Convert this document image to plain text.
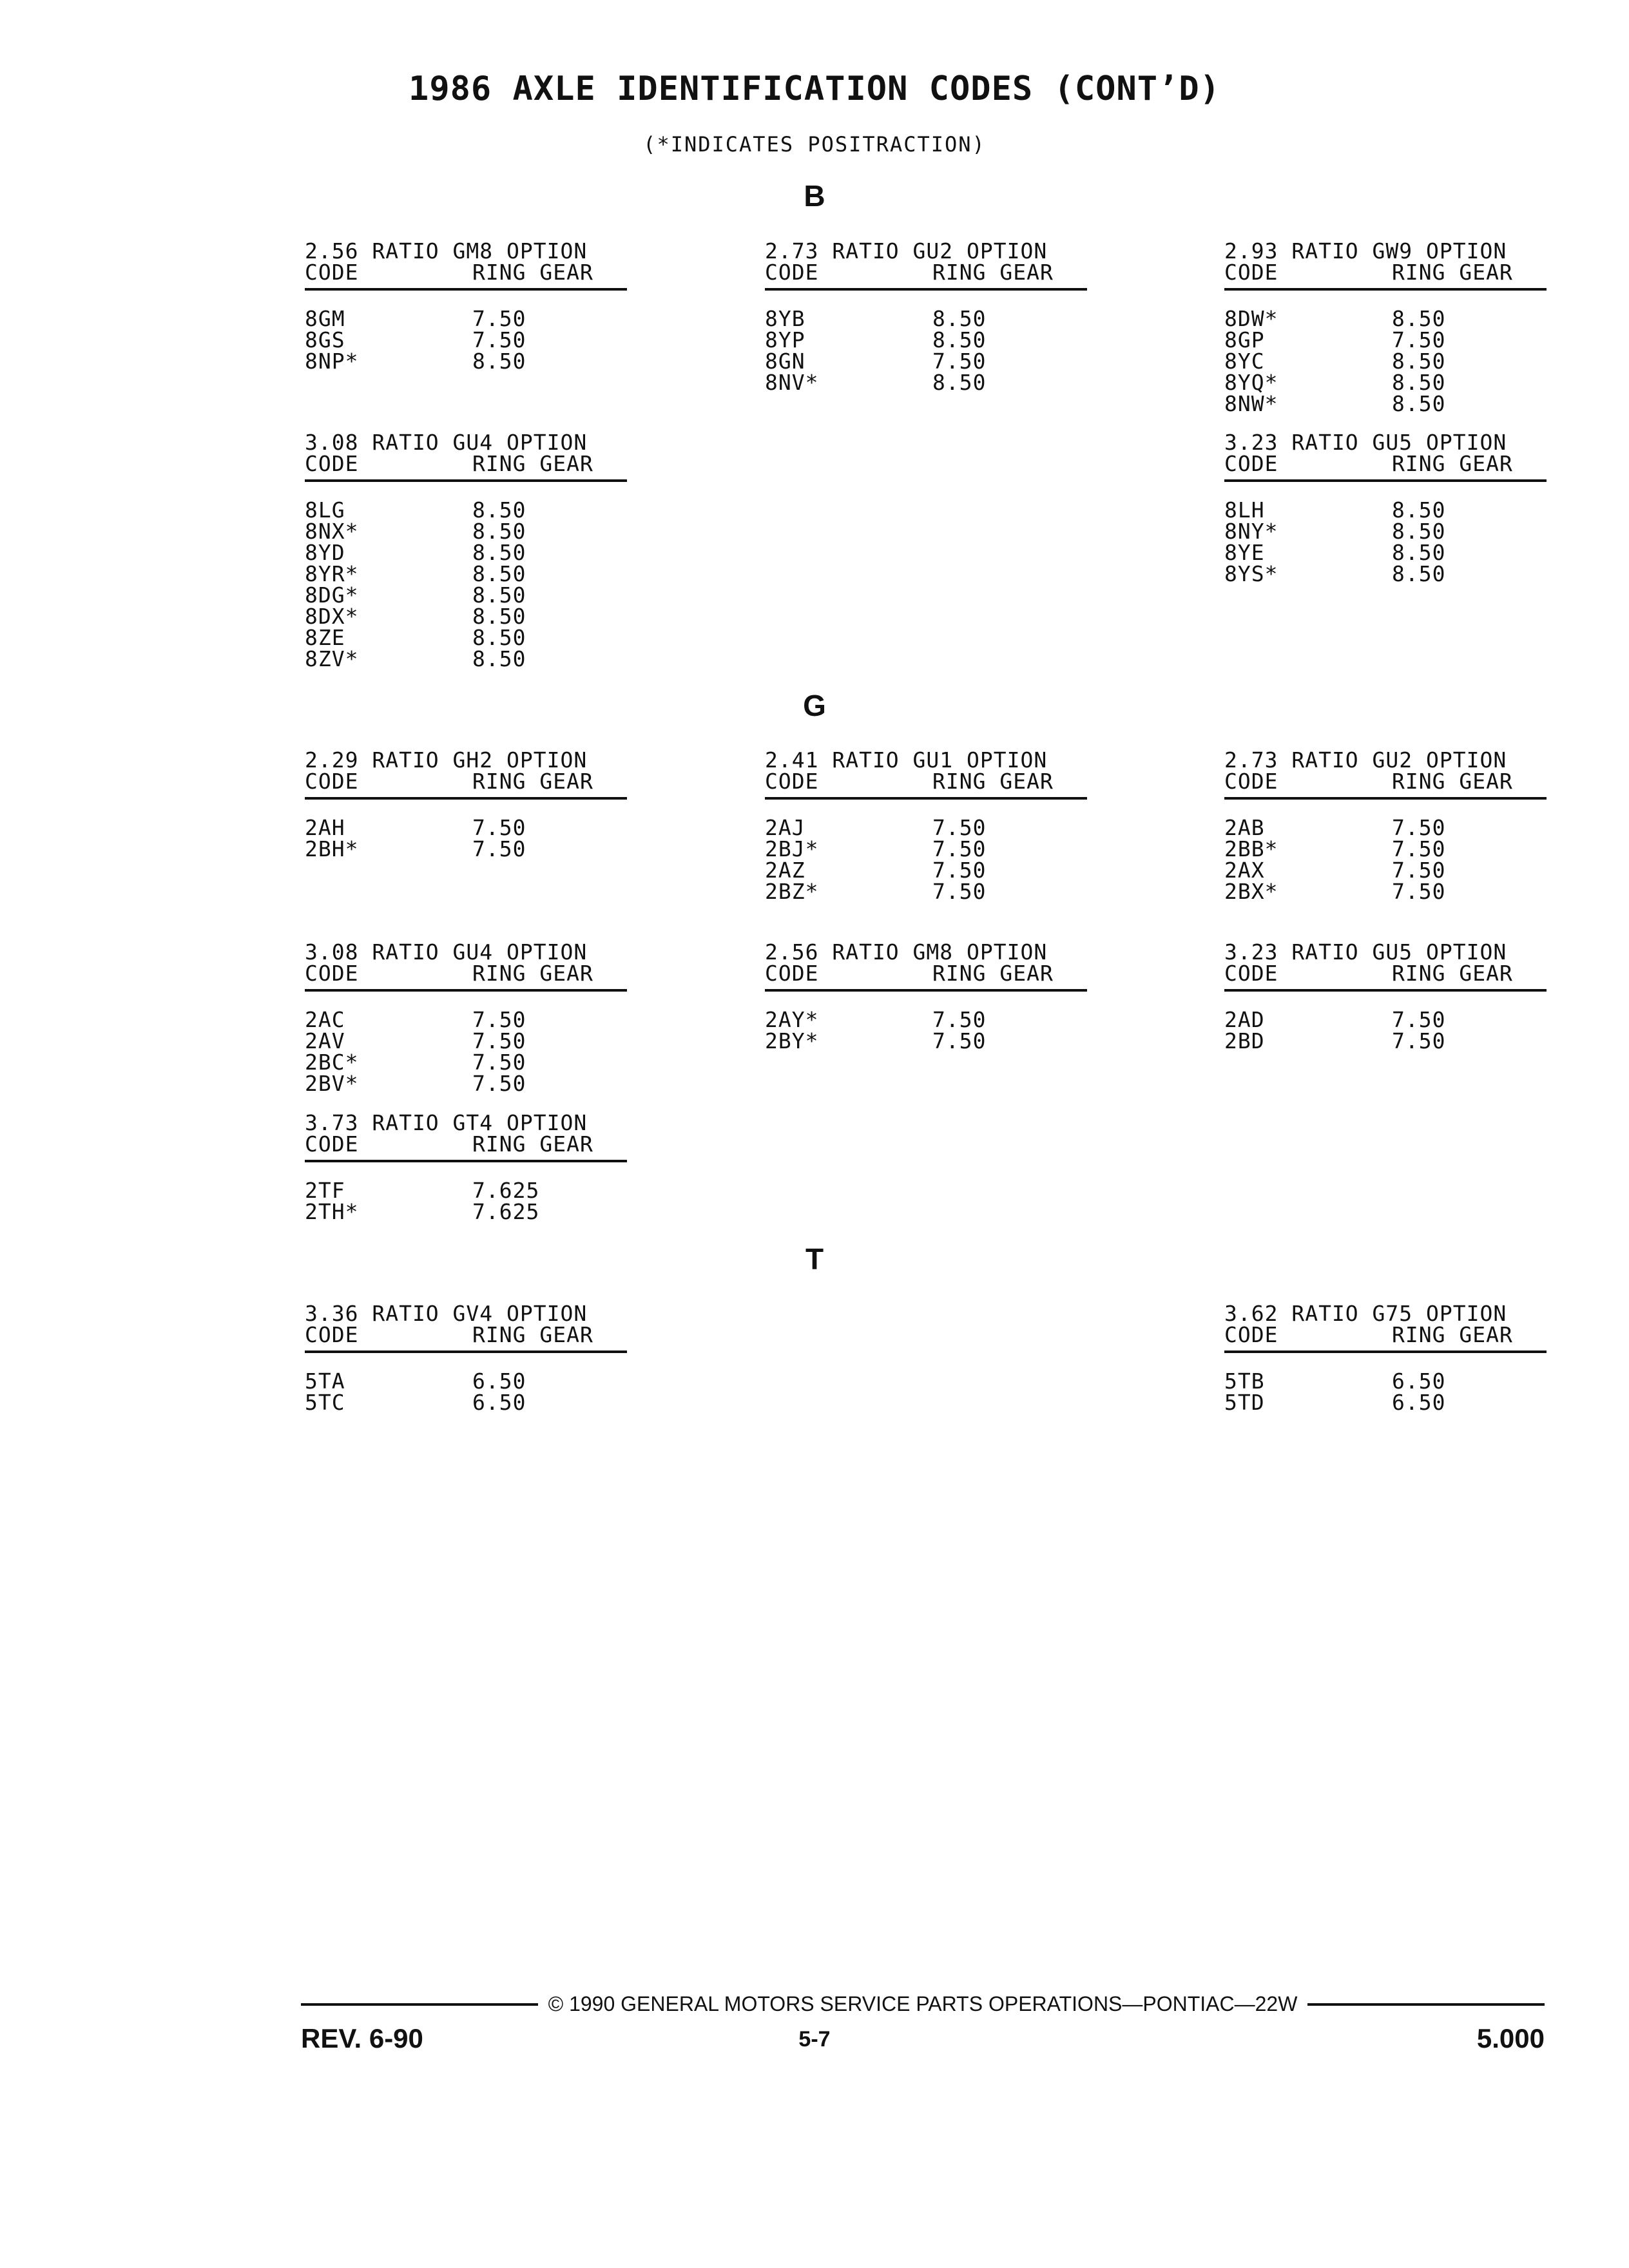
1986 AXLE IDENTIFICATION CODES (CONT’D)
(*INDICATES POSITRACTION)
B
G
T
2.56 RATIO GM8 OPTION
CODE	RING GEAR
8GM	7.50
8GS	7.50
8NP*	8.50
2.73 RATIO GU2 OPTION
CODE	RING GEAR
8YB	8.50
8YP	8.50
8GN	7.50
8NV*	8.50
2.93 RATIO GW9 OPTION
CODE	RING GEAR
8DW*	8.50
8GP	7.50
8YC	8.50
8YQ*	8.50
8NW*	8.50
3.08 RATIO GU4 OPTION
CODE	RING GEAR
8LG	8.50
8NX*	8.50
8YD	8.50
8YR*	8.50
8DG*	8.50
8DX*	8.50
8ZE	8.50
8ZV*	8.50
3.23 RATIO GU5 OPTION
CODE	RING GEAR
8LH	8.50
8NY*	8.50
8YE	8.50
8YS*	8.50
2.29 RATIO GH2 OPTION
CODE	RING GEAR
2AH	7.50
2BH*	7.50
2.41 RATIO GU1 OPTION
CODE	RING GEAR
2AJ	7.50
2BJ*	7.50
2AZ	7.50
2BZ*	7.50
2.73 RATIO GU2 OPTION
CODE	RING GEAR
2AB	7.50
2BB*	7.50
2AX	7.50
2BX*	7.50
3.08 RATIO GU4 OPTION
CODE	RING GEAR
2AC	7.50
2AV	7.50
2BC*	7.50
2BV*	7.50
2.56 RATIO GM8 OPTION
CODE	RING GEAR
2AY*	7.50
2BY*	7.50
3.23 RATIO GU5 OPTION
CODE	RING GEAR
2AD	7.50
2BD	7.50
3.73 RATIO GT4 OPTION
CODE	RING GEAR
2TF	7.625
2TH*	7.625
3.36 RATIO GV4 OPTION
CODE	RING GEAR
5TA	6.50
5TC	6.50
3.62 RATIO G75 OPTION
CODE	RING GEAR
5TB	6.50
5TD	6.50
© 1990 GENERAL MOTORS SERVICE PARTS OPERATIONS—PONTIAC—22W
REV. 6-90	5-7	5.000
